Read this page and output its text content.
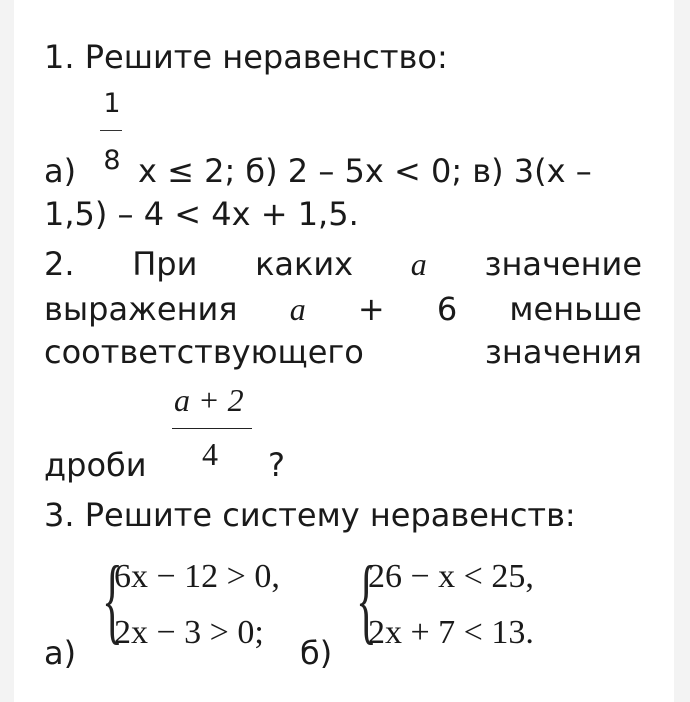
1. Решите неравенство:
1
8
а) х ≤ 2; б) 2 – 5х < 0; в) 3(х –
1,5) – 4 < 4х + 1,5.
2. При каких a значение
выражения a + 6 меньше
соответствующего	значения
a + 2
4
дроби	?
3. Решите систему неравенств:
{
6x − 12 > 0,
2x − 3 > 0;
а)	{
26 − x < 25,
2x + 7 < 13.
б)
